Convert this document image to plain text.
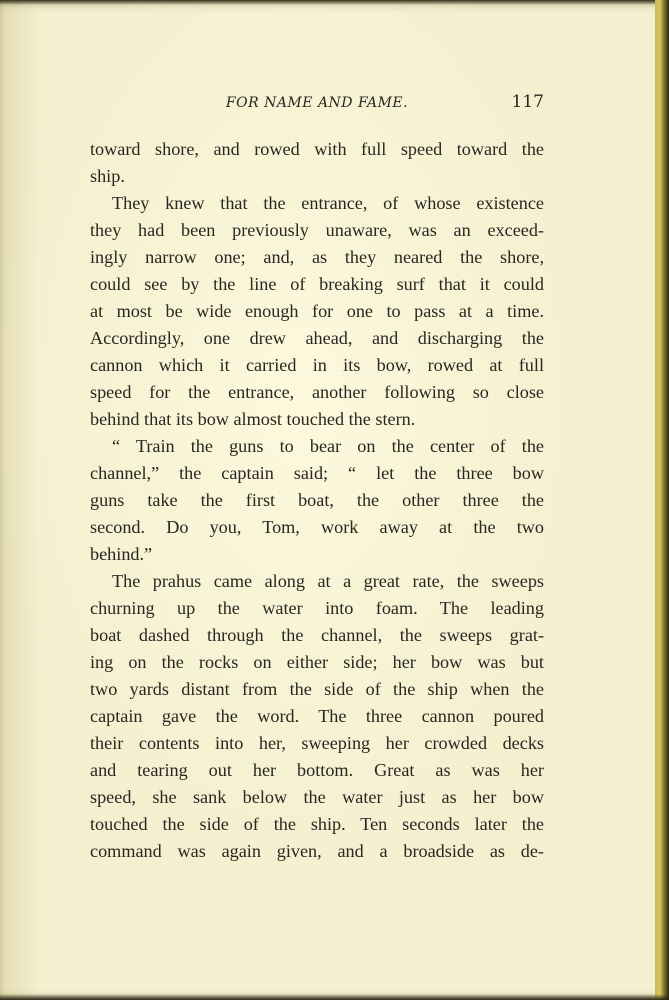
FOR NAME AND FAME.	117
toward shore, and rowed with full speed toward the
ship.
They knew that the entrance, of whose existence
they had been previously unaware, was an exceed-
ingly narrow one; and, as they neared the shore,
could see by the line of breaking surf that it could
at most be wide enough for one to pass at a time.
Accordingly, one drew ahead, and discharging the
cannon which it carried in its bow, rowed at full
speed for the entrance, another following so close
behind that its bow almost touched the stern.
“ Train the guns to bear on the center of the
channel,” the captain said; “ let the three bow
guns take the first boat, the other three the
second. Do you, Tom, work away at the two
behind.”
The prahus came along at a great rate, the sweeps
churning up the water into foam. The leading
boat dashed through the channel, the sweeps grat-
ing on the rocks on either side; her bow was but
two yards distant from the side of the ship when the
captain gave the word. The three cannon poured
their contents into her, sweeping her crowded decks
and tearing out her bottom. Great as was her
speed, she sank below the water just as her bow
touched the side of the ship. Ten seconds later the
command was again given, and a broadside as de-
